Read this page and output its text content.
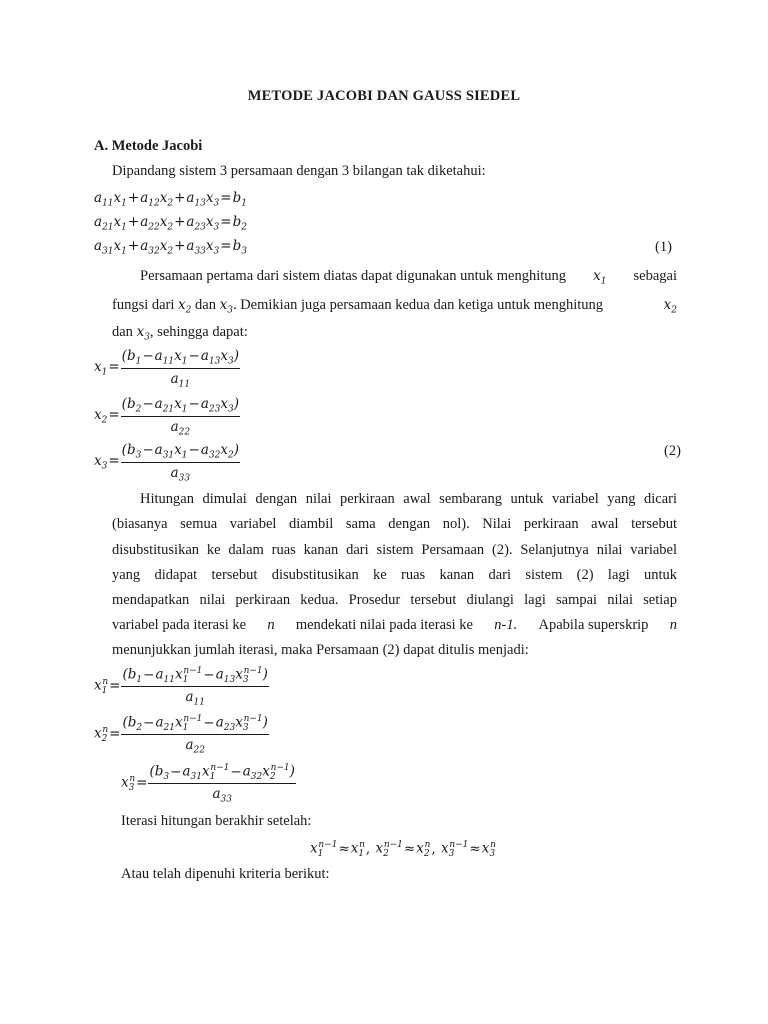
METODE JACOBI DAN GAUSS SIEDEL
A. Metode Jacobi
Dipandang sistem 3 persamaan dengan 3 bilangan tak diketahui:
$a_{11}x_1+a_{12}x_2+a_{13}x_3=b_1$
$a_{21}x_1+a_{22}x_2+a_{23}x_3=b_2$
$a_{31}x_1+a_{32}x_2+a_{33}x_3=b_3$	(1)
Persamaan pertama dari sistem diatas dapat digunakan untuk menghitung $x_1$ sebagai
fungsi dari $x_2$ dan $x_3$. Demikian juga persamaan kedua dan ketiga untuk menghitung	$x_2$
dan $x_3$, sehingga dapat:
$x_1= \frac{(b_1-a_{11}x_1-a_{13}x_3)}{a_{11}}$
$x_2= \frac{(b_2-a_{21}x_1-a_{23}x_3)}{a_{22}}$
$x_3= \frac{(b_3-a_{31}x_1-a_{32}x_2)}{a_{33}}$	(2)
Hitungan dimulai dengan nilai perkiraan awal sembarang untuk variabel yang dicari
(biasanya semua variabel diambil sama dengan nol). Nilai perkiraan awal tersebut
disubstitusikan ke dalam ruas kanan dari sistem Persamaan (2). Selanjutnya nilai variabel
yang didapat tersebut disubstitusikan ke ruas kanan dari sistem (2) lagi untuk
mendapatkan nilai perkiraan kedua. Prosedur tersebut diulangi lagi sampai nilai setiap
variabel pada iterasi ke n mendekati nilai pada iterasi ke n-1. Apabila superskrip n
menunjukkan jumlah iterasi, maka Persamaan (2) dapat ditulis menjadi:
$x_1^n= \frac{(b_1-a_{11}x_1^{n-1}-a_{13}x_3^{n-1})}{a_{11}}$
$x_2^n= \frac{(b_2-a_{21}x_1^{n-1}-a_{23}x_3^{n-1})}{a_{22}}$
$x_3^n= \frac{(b_3-a_{31}x_1^{n-1}-a_{32}x_2^{n-1})}{a_{33}}$
Iterasi hitungan berakhir setelah:
$x_1^{n-1}\approx x_1^n$, $x_2^{n-1}\approx x_2^n$, $x_3^{n-1}\approx x_3^n$
Atau telah dipenuhi kriteria berikut:
